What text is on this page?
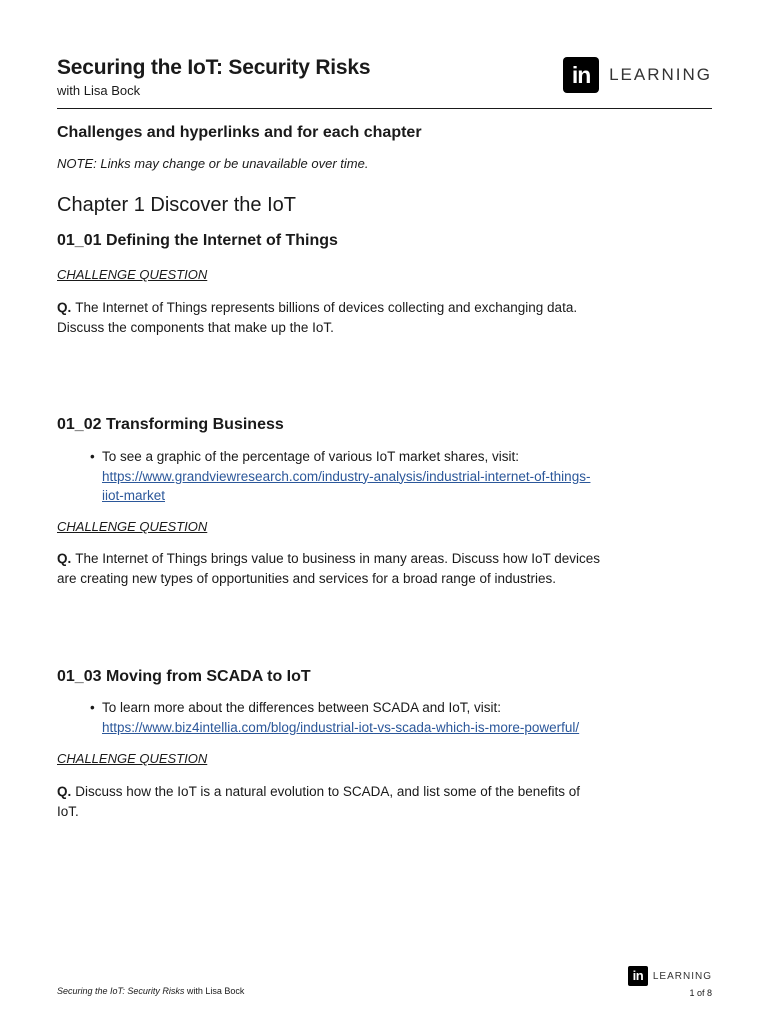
Securing the IoT: Security Risks
with Lisa Bock
in	LEARNING
Challenges and hyperlinks and for each chapter
NOTE: Links may change or be unavailable over time.
Chapter 1 Discover the IoT
01_01 Defining the Internet of Things
CHALLENGE QUESTION
Q. The Internet of Things represents billions of devices collecting and exchanging data. Discuss the components that make up the IoT.
01_02 Transforming Business
• To see a graphic of the percentage of various IoT market shares, visit:
https://www.grandviewresearch.com/industry-analysis/industrial-internet-of-things-iiot-market
CHALLENGE QUESTION
Q. The Internet of Things brings value to business in many areas. Discuss how IoT devices are creating new types of opportunities and services for a broad range of industries.
01_03 Moving from SCADA to IoT
• To learn more about the differences between SCADA and IoT, visit:
https://www.biz4intellia.com/blog/industrial-iot-vs-scada-which-is-more-powerful/
CHALLENGE QUESTION
Q. Discuss how the IoT is a natural evolution to SCADA, and list some of the benefits of IoT.
Securing the IoT: Security Risks with Lisa Bock
in LEARNING
1 of 8
